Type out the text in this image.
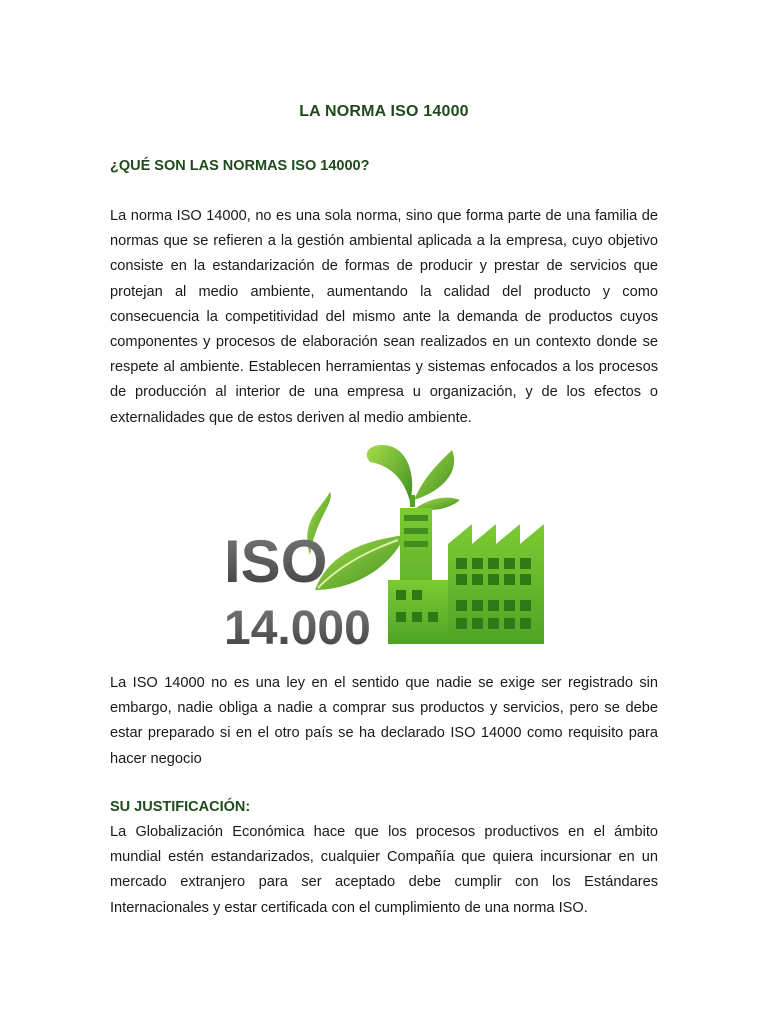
LA NORMA ISO 14000
¿QUÉ SON LAS NORMAS ISO 14000?

La norma ISO 14000, no es una sola norma, sino que forma parte de una familia de normas que se refieren a la gestión ambiental aplicada a la empresa, cuyo objetivo consiste en la estandarización de formas de producir y prestar de servicios que protejan al medio ambiente, aumentando la calidad del producto y como consecuencia la competitividad del mismo ante la demanda de productos cuyos componentes y procesos de elaboración sean realizados en un contexto donde se respete al ambiente. Establecen herramientas y sistemas enfocados a los procesos de producción al interior de una empresa u organización, y de los efectos o externalidades que de estos deriven al medio ambiente.

ISO
14.000

La ISO 14000 no es una ley en el sentido que nadie se exige ser registrado sin embargo, nadie obliga a nadie a comprar sus productos y servicios, pero se debe estar preparado si en el otro país se ha declarado ISO 14000 como requisito para hacer negocio

SU JUSTIFICACIÓN:

La Globalización Económica hace que los procesos productivos en el ámbito mundial estén estandarizados, cualquier Compañía que quiera incursionar en un mercado extranjero para ser aceptado debe cumplir con los Estándares Internacionales y estar certificada con el cumplimiento de una norma ISO.
